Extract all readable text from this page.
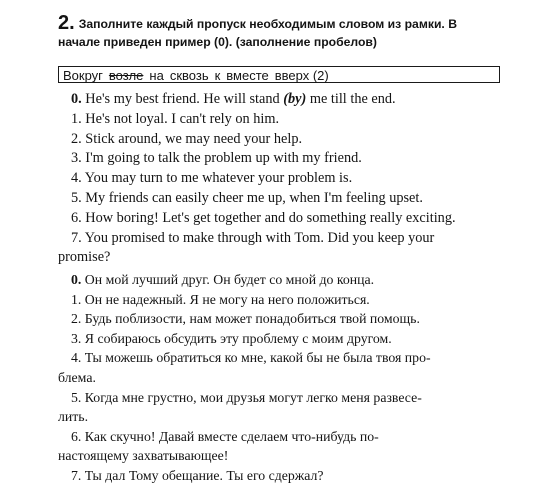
2. Заполните каждый пропуск необходимым словом из рамки. В
начале приведен пример (0). (заполнение пробелов)
Вокруг возле на сквозь к вместе вверх (2)
0. He's my best friend. He will stand (by) me till the end.
1. He's not loyal. I can't rely on him.
2. Stick around, we may need your help.
3. I'm going to talk the problem up with my friend.
4. You may turn to me whatever your problem is.
5. My friends can easily cheer me up, when I'm feeling upset.
6. How boring! Let's get together and do something really exciting.
7. You promised to make through with Tom. Did you keep your
promise?
0. Он мой лучший друг. Он будет со мной до конца.
1. Он не надежный. Я не могу на него положиться.
2. Будь поблизости, нам может понадобиться твой помощь.
3. Я собираюсь обсудить эту проблему с моим другом.
4. Ты можешь обратиться ко мне, какой бы не была твоя про-
блема.
5. Когда мне грустно, мои друзья могут легко меня развесе-
лить.
6. Как скучно! Давай вместе сделаем что-нибудь по-
настоящему захватывающее!
7. Ты дал Тому обещание. Ты его сдержал?
